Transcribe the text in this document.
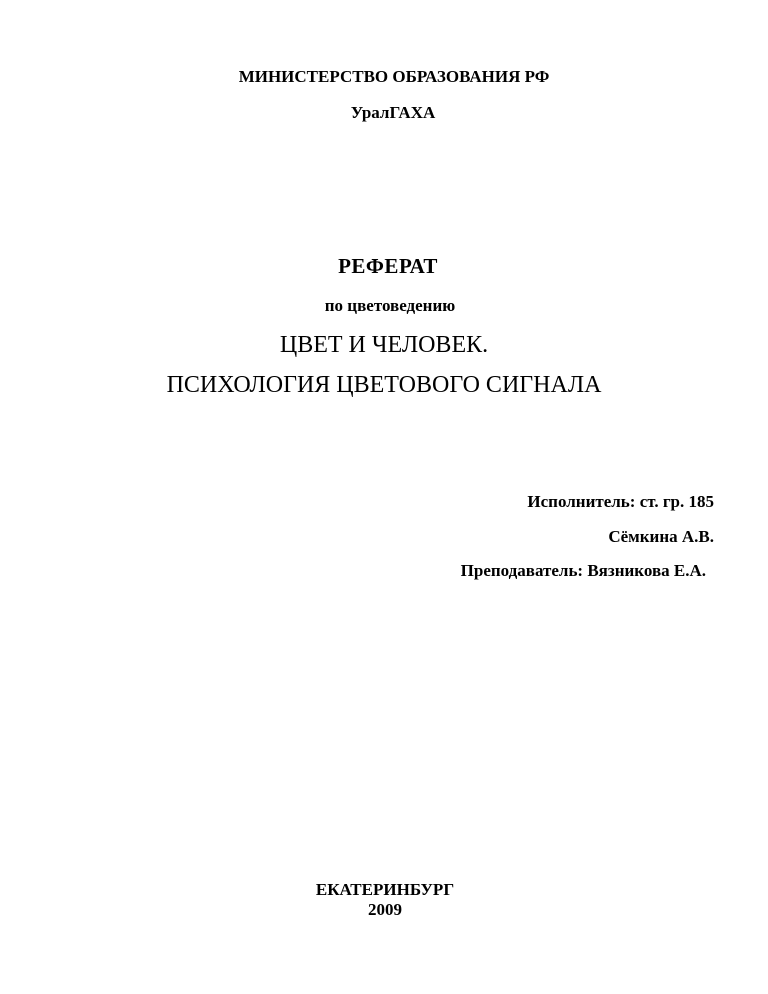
МИНИСТЕРСТВО ОБРАЗОВАНИЯ РФ
УралГАХА
РЕФЕРАТ
по цветоведению
ЦВЕТ И ЧЕЛОВЕК.
ПСИХОЛОГИЯ ЦВЕТОВОГО СИГНАЛА
Исполнитель: ст. гр. 185
Сёмкина А.В.
Преподаватель: Вязникова Е.А.
ЕКАТЕРИНБУРГ
2009
